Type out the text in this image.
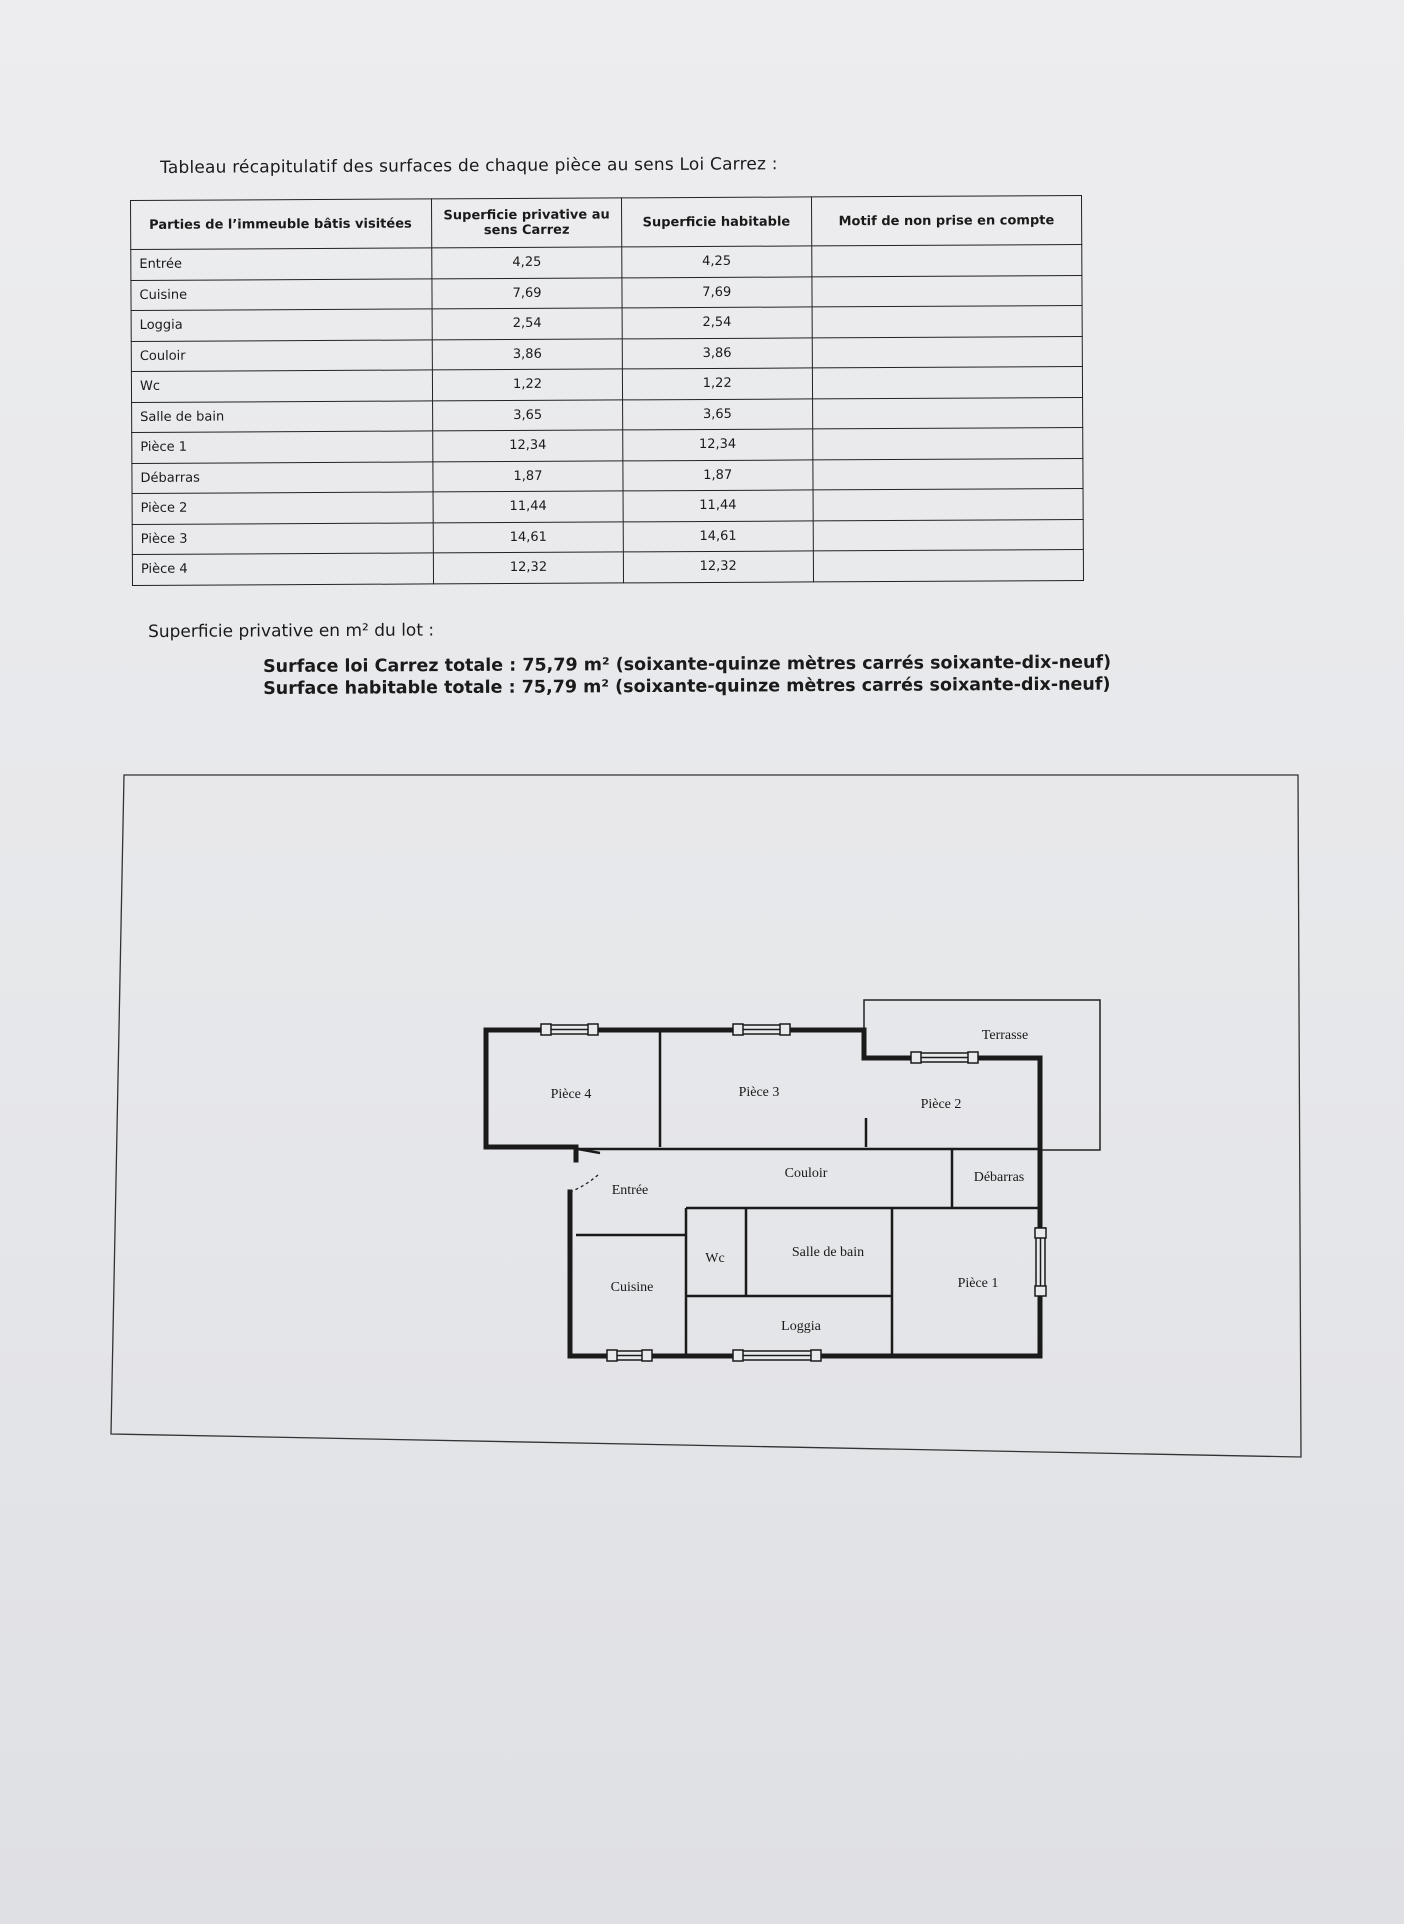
Tableau récapitulatif des surfaces de chaque pièce au sens Loi Carrez :
Parties de l’immeuble bâtis visitées	Superficie privative au sens Carrez	Superficie habitable	Motif de non prise en compte
Entrée	4,25	4,25	
Cuisine	7,69	7,69	
Loggia	2,54	2,54	
Couloir	3,86	3,86	
Wc	1,22	1,22	
Salle de bain	3,65	3,65	
Pièce 1	12,34	12,34	
Débarras	1,87	1,87	
Pièce 2	11,44	11,44	
Pièce 3	14,61	14,61	
Pièce 4	12,32	12,32	
Superficie privative en m² du lot :
Surface loi Carrez totale : 75,79 m² (soixante-quinze mètres carrés soixante-dix-neuf)
Surface habitable totale : 75,79 m² (soixante-quinze mètres carrés soixante-dix-neuf)
Terrasse
Pièce 4	Pièce 3
Pièce 2
Couloir	Débarras
Entrée
Wc	Salle de bain
Pièce 1
Cuisine
Loggia
